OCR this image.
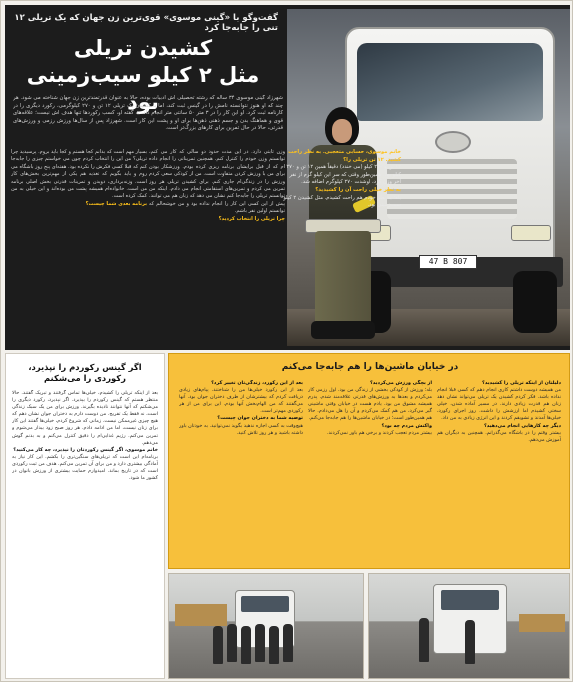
گفت‌وگو با «گینی موسوی» قوی‌ترین زن جهان که یک تریلی ۱۲ تنی را جابه‌جا کرد
کشیدن تریلی
مثل ۲ کیلو سیب‌زمینی بود
شهرزاد گینی موسوی ۳۴ ساله که رشته تحصیلی اش ادبیات بوده، حالا به عنوان قدرتمندترین زن جهان شناخته می شود. هر چند که او هنوز نتوانسته نامش را در گینس ثبت کند، اما با کشیدن یک تریلی ۱۲ تن و ۲۷۰ کیلوگرمی، رکورد دیگری را در کارنامه ثبت کرد. او این کار را در ۳ متر ۵۰ سانتی متر انجام داد. به گفته او، کسب رکوردها تنها هدف اش نیست؛ علاقه‌های قوی و هماهنگ بدن و جسم ذهنی ذهن‌ها برای او و پشت این کار است. شهرزاد پس از سال‌ها ورزش رزمی و ورزش‌های قدرتی، حالا در حال تمرین برای کارهای بزرگ‌تر است.

وزن ثابتی دارد. در این مدت حدود دو سالی که کار می کنم، توانستم وزن خودم را کنترل کنم. همچنین تمریناتی را انجام داده ام که از قبل برایشان برنامه ریزی کرده بودم. ورزشکار بودن برای من با ورزش کردن متفاوت است. من از کودکی سعی کردم ورزش را در زندگی‌ام جاری کنم. برای کشیدن تریلی هر روز تمرین می کردم و تمرین‌های استقامتی انجام می دادم. اینکه من توانستم تریلی را جابه‌جا کنم نشان می دهد که زنان هم می توانند. پیش از این کسی این کار را انجام نداده بود و من خوشحالم که توانستم اولین نفر باشم.

چرا تریلی را انتخاب کردید؟

بسیار مهم است که بدانم کجا هستم و کجا باید بروم. پرسیدید چرا تریلی؟ من این را انتخاب کردم چون می خواستم چیزی را جابه‌جا کنم که قبلا کسی فکرش را نکرده بود. هفته‌ای پنج روز باشگاه می روم و باید بگویم که تغذیه هم یکی از مهم‌ترین بخش‌های کار است. وزنه‌برداری، دویدن و تمرینات قدرتی بخش اصلی برنامه من است. خانواده‌ام همیشه پشت من بوده‌اند و این خیلی به من کمک کرده است.

برنامه بعدی شما چیست؟

47 B 807

خانم موسوی، حسابی متعجبی. به نظر راحت کشید. ۱۲ تن تریلی را؟

۱۲ تن و ۲۷۰ کیلو (می خندد) دقیقاً همین ۱۲ تن و ۲۷۰ کیلو بود. همین‌طور وقتی که سر این کیلو گرم از نفر آخر وزن کرد، اوشدت ۲۷۰ کیلوگرم اضافه شد.

به نظر خیلی راحت آن را کشیدید؟

بله؛ به نظر خودم هم راحت کشیدم. مثل کشیدن ۲ کیلو سیب‌زمینی بود.

اگر گینس رکوردم را نپذیرد، رکوردی را می‌شکنم

بعد از اینکه تریلی را کشیدم، خیلی‌ها تماس گرفتند و تبریک گفتند. حالا منتظر هستم که گینس رکوردم را بپذیرد. اگر نپذیرد، رکورد دیگری را می‌شکنم که آنها نتوانند نادیده بگیرند. ورزش برای من یک سبک زندگی است، نه فقط یک تفریح. من دوست دارم به دختران جوان نشان دهم که هیچ چیزی غیرممکن نیست. زمانی که شروع کردم، خیلی‌ها گفتند این کار برای زنان نیست، اما من ادامه دادم. هر روز صبح زود بیدار می‌شوم و تمرین می‌کنم. رژیم غذایی‌ام را دقیق کنترل می‌کنم و به بدنم گوش می‌دهم.

خانم موسوی، اگر گینس رکوردتان را نپذیرد، چه کار می‌کنید؟

برنامه‌ام این است که تریلی‌های سنگین‌تری را بکشم. این کار نیاز به آمادگی بیشتری دارد و من برای آن تمرین می‌کنم. هدف من ثبت رکوردی است که در تاریخ بماند. امیدوارم حمایت بیشتری از ورزش بانوان در کشور ما شود.

در خیابان ماشین‌ها را هم جابه‌جا می‌کنم

دلیلتان از اینکه تریلی را کشیدید؟

من همیشه دوست داشتم کاری انجام دهم که کسی قبلا انجام نداده باشد. فکر کردم کشیدن یک تریلی می‌تواند نشان دهد زنان هم قدرت زیادی دارند. در مسیر آماده شدن، خیلی سختی کشیدم اما ارزشش را داشت. روز اجرای رکورد، خیلی‌ها آمدند و تشویقم کردند و این انرژی زیادی به من داد.

دیگر چه کارهایی انجام می‌دهید؟

بیشتر وقتم را در باشگاه می‌گذرانم. همچنین به دیگران هم آموزش می‌دهم.

از بچگی ورزش می‌کردید؟

بله؛ ورزش از کودکی بخشی از زندگی من بود. اول رزمی کار می‌کردم و بعدها به ورزش‌های قدرتی علاقه‌مند شدم. پدرم همیشه مشوق من بود. یادم هست در خیابان وقتی ماشینی گیر می‌کرد، من هم کمک می‌کردم و آن را هل می‌دادم. حالا هم همین‌طور است؛ در خیابان ماشین‌ها را هم جابه‌جا می‌کنم.

واکنش مردم چه بود؟

بیشتر مردم تعجب کردند و برخی هم باور نمی‌کردند.

بعد از این رکورد، زندگی‌تان تغییر کرد؟

بعد از این رکورد خیلی‌ها من را شناختند. پیام‌های زیادی دریافت کردم که بیشترشان از طرف دختران جوان بود. آنها می‌گفتند که من الهام‌بخش آنها بودم. این برای من از هر رکوردی مهم‌تر است.

توصیه شما به دختران جوان چیست؟

هیچ‌وقت به کسی اجازه ندهید بگوید نمی‌توانید. به خودتان باور داشته باشید و هر روز تلاش کنید.
